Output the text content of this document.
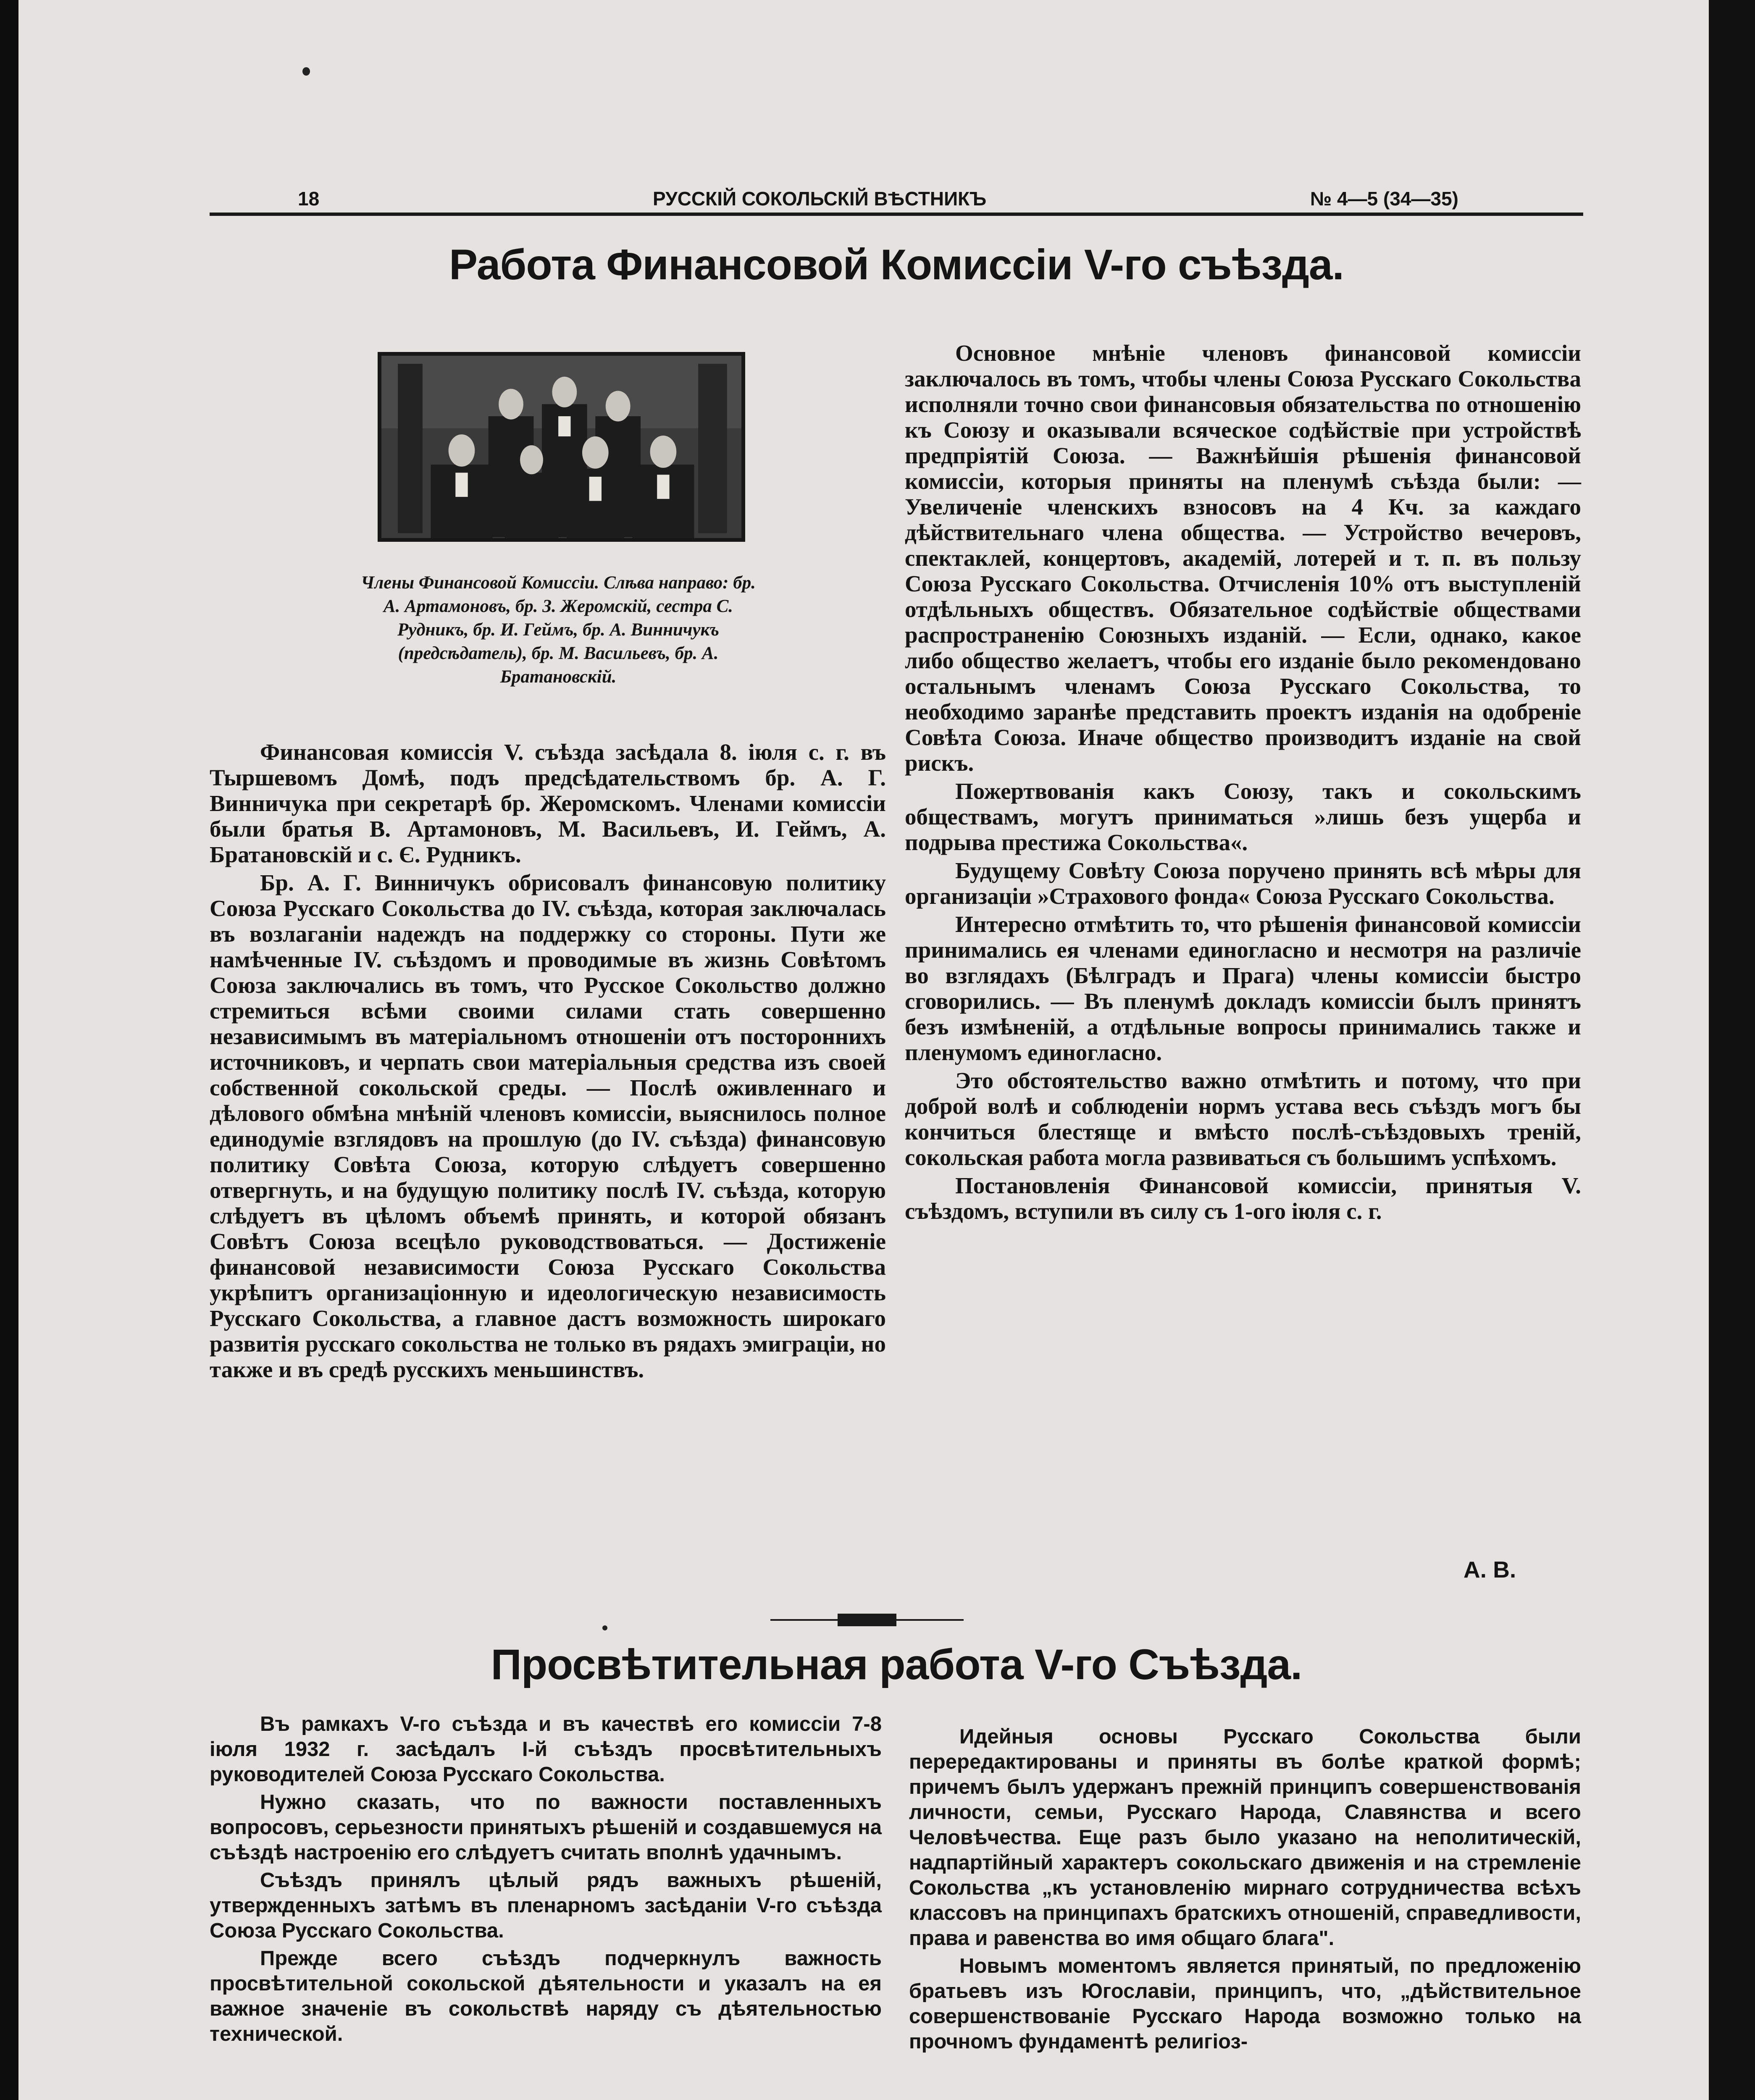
18	РУССКІЙ СОКОЛЬСКІЙ ВѢСТНИКЪ	№ 4—5 (34—35)
Работа Финансовой Комиссіи V-го съѣзда.
Члены Финансовой Комиссіи. Слѣва направо: бр. А. Артамоновъ, бр. З. Жеромскій, сестра С. Рудникъ, бр. И. Геймъ, бр. А. Винничукъ (предсѣдатель), бр. М. Васильевъ, бр. А. Братановскій.

Финансовая комиссія V. съѣзда засѣдала 8. іюля с. г. въ Тыршевомъ Домѣ, подъ предсѣдательствомъ бр. А. Г. Винничука при секретарѣ бр. Жеромскомъ. Членами комиссіи были братья В. Артамоновъ, М. Васильевъ, И. Геймъ, А. Братановскій и с. Є. Рудникъ.

Бр. А. Г. Винничукъ обрисовалъ финансовую политику Союза Русскаго Сокольства до IV. съѣзда, которая заключалась въ возлаганіи надеждъ на поддержку со стороны. Пути же намѣченные IV. съѣздомъ и проводимые въ жизнь Совѣтомъ Союза заключались въ томъ, что Русское Сокольство должно стремиться всѣми своими силами стать совершенно независимымъ въ матеріальномъ отношеніи отъ постороннихъ источниковъ, и черпать свои матеріальныя средства изъ своей собственной сокольской среды. — Послѣ оживленнаго и дѣлового обмѣна мнѣній членовъ комиссіи, выяснилось полное единодуміе взглядовъ на прошлую (до IV. съѣзда) финансовую политику Совѣта Союза, которую слѣдуетъ совершенно отвергнуть, и на будущую политику послѣ IV. съѣзда, которую слѣдуетъ въ цѣломъ объемѣ принять, и которой обязанъ Совѣтъ Союза всецѣло руководствоваться. — Достиженіе финансовой независимости Союза Русскаго Сокольства укрѣпитъ организаціонную и идеологическую независимость Русскаго Сокольства, а главное дастъ возможность широкаго развитія русскаго сокольства не только въ рядахъ эмиграціи, но также и въ средѣ русскихъ меньшинствъ.

Основное мнѣніе членовъ финансовой комиссіи заключалось въ томъ, чтобы члены Союза Русскаго Сокольства исполняли точно свои финансовыя обязательства по отношенію къ Союзу и оказывали всяческое содѣйствіе при устройствѣ предпріятій Союза. — Важнѣйшія рѣшенія финансовой комиссіи, которыя приняты на пленумѣ съѣзда были: — Увеличеніе членскихъ взносовъ на 4 Кч. за каждаго дѣйствительнаго члена общества. — Устройство вечеровъ, спектаклей, концертовъ, академій, лотерей и т. п. въ пользу Союза Русскаго Сокольства. Отчисленія 10% отъ выступленій отдѣльныхъ обществъ. Обязательное содѣйствіе обществами распространенію Союзныхъ изданій. — Если, однако, какое либо общество желаетъ, чтобы его изданіе было рекомендовано остальнымъ членамъ Союза Русскаго Сокольства, то необходимо заранѣе представить проектъ изданія на одобреніе Совѣта Союза. Иначе общество производитъ изданіе на свой рискъ.

Пожертвованія какъ Союзу, такъ и сокольскимъ обществамъ, могутъ приниматься »лишь безъ ущерба и подрыва престижа Сокольства«.

Будущему Совѣту Союза поручено принять всѣ мѣры для организаціи »Страхового фонда« Союза Русскаго Сокольства.

Интересно отмѣтить то, что рѣшенія финансовой комиссіи принимались ея членами единогласно и несмотря на различіе во взглядахъ (Бѣлградъ и Прага) члены комиссіи быстро сговорились. — Въ пленумѣ докладъ комиссіи былъ принятъ безъ измѣненій, а отдѣльные вопросы принимались также и пленумомъ единогласно.

Это обстоятельство важно отмѣтить и потому, что при доброй волѣ и соблюденіи нормъ устава весь съѣздъ могъ бы кончиться блестяще и вмѣсто послѣ-съѣздовыхъ треній, сокольская работа могла развиваться съ большимъ успѣхомъ.

Постановленія Финансовой комиссіи, принятыя V. съѣздомъ, вступили въ силу съ 1-ого іюля с. г.

А. В.
Просвѣтительная работа V-го Съѣзда.

Въ рамкахъ V-го съѣзда и въ качествѣ его комиссіи 7-8 іюля 1932 г. засѣдалъ І-й съѣздъ просвѣтительныхъ руководителей Союза Русскаго Сокольства.

Нужно сказать, что по важности поставленныхъ вопросовъ, серьезности принятыхъ рѣшеній и создавшемуся на съѣздѣ настроенію его слѣдуетъ считать вполнѣ удачнымъ.

Съѣздъ принялъ цѣлый рядъ важныхъ рѣшеній, утвержденныхъ затѣмъ въ пленарномъ засѣданіи V-го съѣзда Союза Русскаго Сокольства.

Прежде всего съѣздъ подчеркнулъ важность просвѣтительной сокольской дѣятельности и указалъ на ея важное значеніе въ сокольствѣ наряду съ дѣятельностью технической.

Идейныя основы Русскаго Сокольства были перередактированы и приняты въ болѣе краткой формѣ; причемъ былъ удержанъ прежній принципъ совершенствованія личности, семьи, Русскаго Народа, Славянства и всего Человѣчества. Еще разъ было указано на неполитическій, надпартійный характеръ сокольскаго движенія и на стремленіе Сокольства „къ установленію мирнаго сотрудничества всѣхъ классовъ на принципахъ братскихъ отношеній, справедливости, права и равенства во имя общаго блага".

Новымъ моментомъ является принятый, по предложенію братьевъ изъ Югославіи, принципъ, что, „дѣйствительное совершенствованіе Русскаго Народа возможно только на прочномъ фундаментѣ религіоз-
